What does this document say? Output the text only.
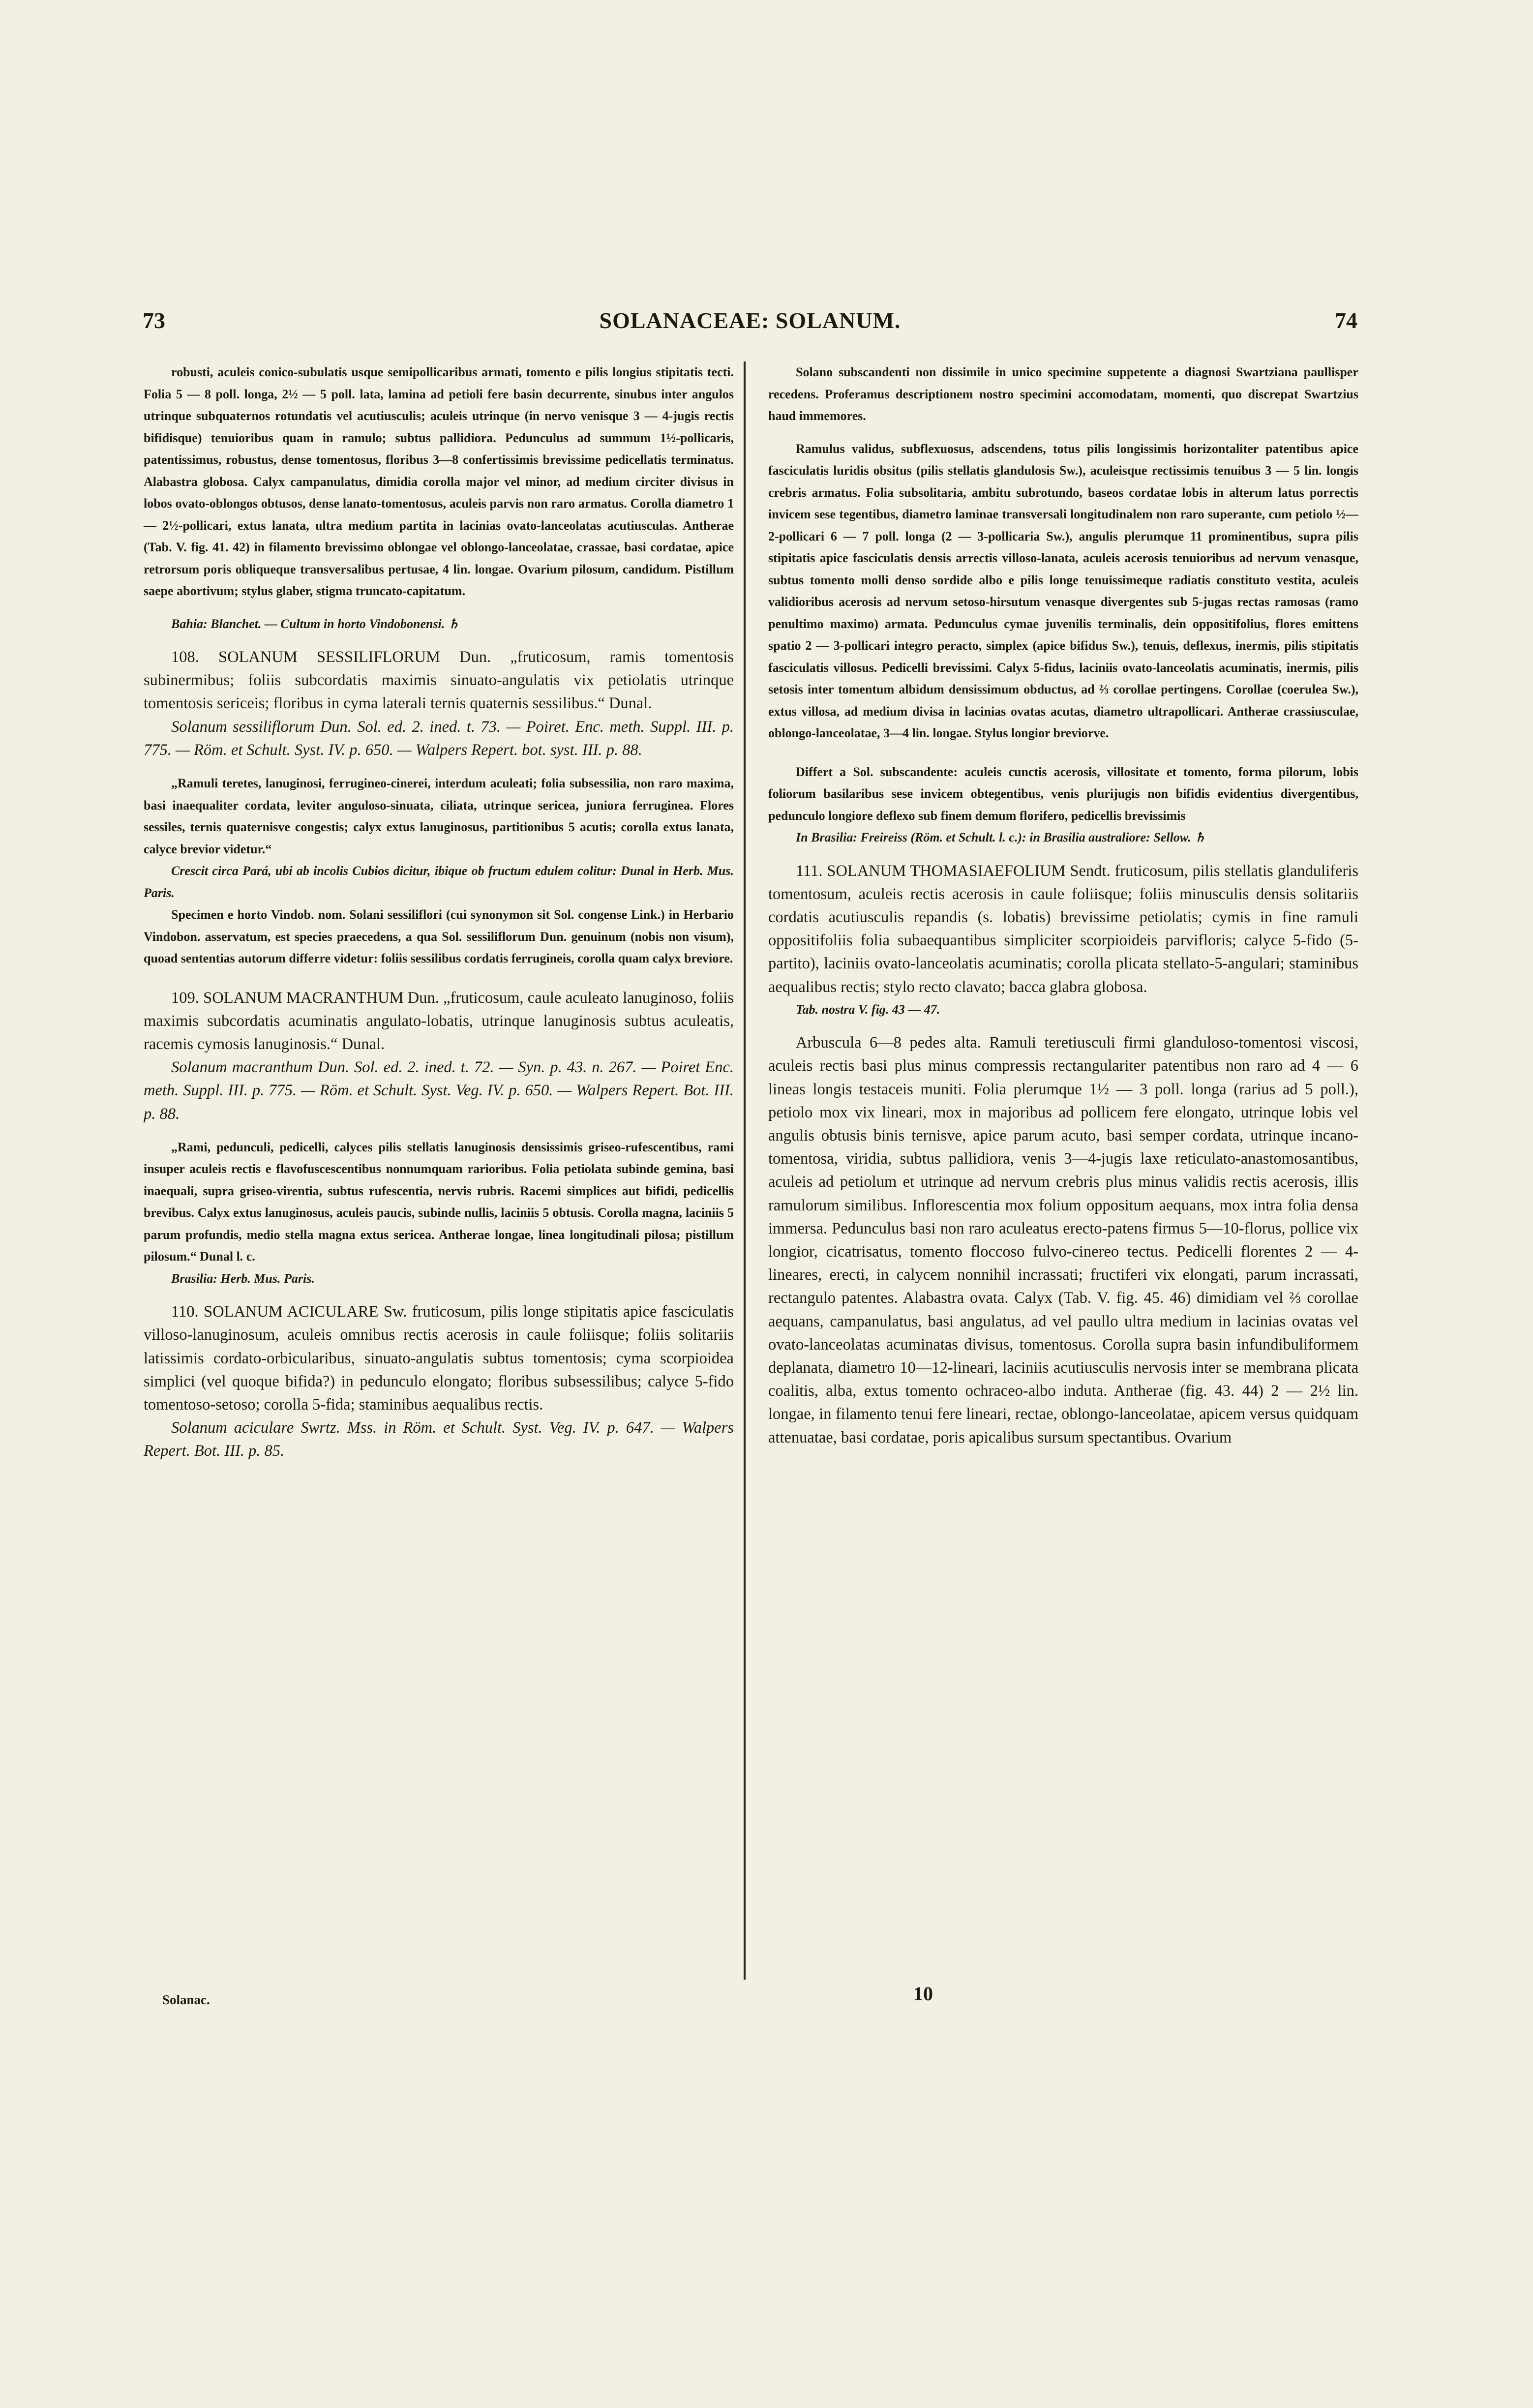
73	SOLANACEAE: SOLANUM.	74
robusti, aculeis conico-subulatis usque semipollicaribus armati, tomento e pilis longius stipitatis tecti. Folia 5 — 8 poll. longa, 2½ — 5 poll. lata, lamina ad petioli fere basin decurrente, sinubus inter angulos utrinque subquaternos rotundatis vel acutiusculis; aculeis utrinque (in nervo venisque 3 — 4-jugis rectis bifidisque) tenuioribus quam in ramulo; subtus pallidiora. Pedunculus ad summum 1½-pollicaris, patentissimus, robustus, dense tomentosus, floribus 3—8 confertissimis brevissime pedicellatis terminatus. Alabastra globosa. Calyx campanulatus, dimidia corolla major vel minor, ad medium circiter divisus in lobos ovato-oblongos obtusos, dense lanato-tomentosus, aculeis parvis non raro armatus. Corolla diametro 1 — 2½-pollicari, extus lanata, ultra medium partita in lacinias ovato-lanceolatas acutiusculas. Antherae (Tab. V. fig. 41. 42) in filamento brevissimo oblongae vel oblongo-lanceolatae, crassae, basi cordatae, apice retrorsum poris obliqueque transversalibus pertusae, 4 lin. longae. Ovarium pilosum, candidum. Pistillum saepe abortivum; stylus glaber, stigma truncato-capitatum.
Bahia: Blanchet. — Cultum in horto Vindobonensi. ♄
108. SOLANUM SESSILIFLORUM Dun. „fruticosum, ramis tomentosis subinermibus; foliis subcordatis maximis sinuato-angulatis vix petiolatis utrinque tomentosis sericeis; floribus in cyma laterali ternis quaternis sessilibus.“ Dunal.
Solanum sessiliflorum Dun. Sol. ed. 2. ined. t. 73. — Poiret. Enc. meth. Suppl. III. p. 775. — Röm. et Schult. Syst. IV. p. 650. — Walpers Repert. bot. syst. III. p. 88.
„Ramuli teretes, lanuginosi, ferrugineo-cinerei, interdum aculeati; folia subsessilia, non raro maxima, basi inaequaliter cordata, leviter anguloso-sinuata, ciliata, utrinque sericea, juniora ferruginea. Flores sessiles, ternis quaternisve congestis; calyx extus lanuginosus, partitionibus 5 acutis; corolla extus lanata, calyce brevior videtur.“
Crescit circa Pará, ubi ab incolis Cubios dicitur, ibique ob fructum edulem colitur: Dunal in Herb. Mus. Paris.
Specimen e horto Vindob. nom. Solani sessiliflori (cui synonymon sit Sol. congense Link.) in Herbario Vindobon. asservatum, est species praecedens, a qua Sol. sessiliflorum Dun. genuinum (nobis non visum), quoad sententias autorum differre videtur: foliis sessilibus cordatis ferrugineis, corolla quam calyx breviore.
109. SOLANUM MACRANTHUM Dun. „fruticosum, caule aculeato lanuginoso, foliis maximis subcordatis acuminatis angulato-lobatis, utrinque lanuginosis subtus aculeatis, racemis cymosis lanuginosis.“ Dunal.
Solanum macranthum Dun. Sol. ed. 2. ined. t. 72. — Syn. p. 43. n. 267. — Poiret Enc. meth. Suppl. III. p. 775. — Röm. et Schult. Syst. Veg. IV. p. 650. — Walpers Repert. Bot. III. p. 88.
„Rami, pedunculi, pedicelli, calyces pilis stellatis lanuginosis densissimis griseo-rufescentibus, rami insuper aculeis rectis e flavofuscescentibus nonnumquam rarioribus. Folia petiolata subinde gemina, basi inaequali, supra griseo-virentia, subtus rufescentia, nervis rubris. Racemi simplices aut bifidi, pedicellis brevibus. Calyx extus lanuginosus, aculeis paucis, subinde nullis, laciniis 5 obtusis. Corolla magna, laciniis 5 parum profundis, medio stella magna extus sericea. Antherae longae, linea longitudinali pilosa; pistillum pilosum.“ Dunal l. c.
Brasilia: Herb. Mus. Paris.
110. SOLANUM ACICULARE Sw. fruticosum, pilis longe stipitatis apice fasciculatis villoso-lanuginosum, aculeis omnibus rectis acerosis in caule foliisque; foliis solitariis latissimis cordato-orbicularibus, sinuato-angulatis subtus tomentosis; cyma scorpioidea simplici (vel quoque bifida?) in pedunculo elongato; floribus subsessilibus; calyce 5-fido tomentoso-setoso; corolla 5-fida; staminibus aequalibus rectis.
Solanum aciculare Swrtz. Mss. in Röm. et Schult. Syst. Veg. IV. p. 647. — Walpers Repert. Bot. III. p. 85.
Solano subscandenti non dissimile in unico specimine suppetente a diagnosi Swartziana paullisper recedens. Proferamus descriptionem nostro specimini accomodatam, momenti, quo discrepat Swartzius haud immemores.
Ramulus validus, subflexuosus, adscendens, totus pilis longissimis horizontaliter patentibus apice fasciculatis luridis obsitus (pilis stellatis glandulosis Sw.), aculeisque rectissimis tenuibus 3 — 5 lin. longis crebris armatus. Folia subsolitaria, ambitu subrotundo, baseos cordatae lobis in alterum latus porrectis invicem sese tegentibus, diametro laminae transversali longitudinalem non raro superante, cum petiolo ½—2-pollicari 6 — 7 poll. longa (2 — 3-pollicaria Sw.), angulis plerumque 11 prominentibus, supra pilis stipitatis apice fasciculatis densis arrectis villoso-lanata, aculeis acerosis tenuioribus ad nervum venasque, subtus tomento molli denso sordide albo e pilis longe tenuissimeque radiatis constituto vestita, aculeis validioribus acerosis ad nervum setoso-hirsutum venasque divergentes sub 5-jugas rectas ramosas (ramo penultimo maximo) armata. Pedunculus cymae juvenilis terminalis, dein oppositifolius, flores emittens spatio 2 — 3-pollicari integro peracto, simplex (apice bifidus Sw.), tenuis, deflexus, inermis, pilis stipitatis fasciculatis villosus. Pedicelli brevissimi. Calyx 5-fidus, laciniis ovato-lanceolatis acuminatis, inermis, pilis setosis inter tomentum albidum densissimum obductus, ad ⅔ corollae pertingens. Corollae (coerulea Sw.), extus villosa, ad medium divisa in lacinias ovatas acutas, diametro ultrapollicari. Antherae crassiusculae, oblongo-lanceolatae, 3—4 lin. longae. Stylus longior breviorve.
Differt a Sol. subscandente: aculeis cunctis acerosis, villositate et tomento, forma pilorum, lobis foliorum basilaribus sese invicem obtegentibus, venis plurijugis non bifidis evidentius divergentibus, pedunculo longiore deflexo sub finem demum florifero, pedicellis brevissimis
In Brasilia: Freireiss (Röm. et Schult. l. c.): in Brasilia australiore: Sellow. ♄
111. SOLANUM THOMASIAEFOLIUM Sendt. fruticosum, pilis stellatis glanduliferis tomentosum, aculeis rectis acerosis in caule foliisque; foliis minusculis densis solitariis cordatis acutiusculis repandis (s. lobatis) brevissime petiolatis; cymis in fine ramuli oppositifoliis folia subaequantibus simpliciter scorpioideis parvifloris; calyce 5-fido (5-partito), laciniis ovato-lanceolatis acuminatis; corolla plicata stellato-5-angulari; staminibus aequalibus rectis; stylo recto clavato; bacca glabra globosa.
Tab. nostra V. fig. 43 — 47.
Arbuscula 6—8 pedes alta. Ramuli teretiusculi firmi glanduloso-tomentosi viscosi, aculeis rectis basi plus minus compressis rectangulariter patentibus non raro ad 4 — 6 lineas longis testaceis muniti. Folia plerumque 1½ — 3 poll. longa (rarius ad 5 poll.), petiolo mox vix lineari, mox in majoribus ad pollicem fere elongato, utrinque lobis vel angulis obtusis binis ternisve, apice parum acuto, basi semper cordata, utrinque incano-tomentosa, viridia, subtus pallidiora, venis 3—4-jugis laxe reticulato-anastomosantibus, aculeis ad petiolum et utrinque ad nervum crebris plus minus validis rectis acerosis, illis ramulorum similibus. Inflorescentia mox folium oppositum aequans, mox intra folia densa immersa. Pedunculus basi non raro aculeatus erecto-patens firmus 5—10-florus, pollice vix longior, cicatrisatus, tomento floccoso fulvo-cinereo tectus. Pedicelli florentes 2 — 4-lineares, erecti, in calycem nonnihil incrassati; fructiferi vix elongati, parum incrassati, rectangulo patentes. Alabastra ovata. Calyx (Tab. V. fig. 45. 46) dimidiam vel ⅔ corollae aequans, campanulatus, basi angulatus, ad vel paullo ultra medium in lacinias ovatas vel ovato-lanceolatas acuminatas divisus, tomentosus. Corolla supra basin infundibuliformem deplanata, diametro 10—12-lineari, laciniis acutiusculis nervosis inter se membrana plicata coalitis, alba, extus tomento ochraceo-albo induta. Antherae (fig. 43. 44) 2 — 2½ lin. longae, in filamento tenui fere lineari, rectae, oblongo-lanceolatae, apicem versus quidquam attenuatae, basi cordatae, poris apicalibus sursum spectantibus. Ovarium
Solanac.	10
